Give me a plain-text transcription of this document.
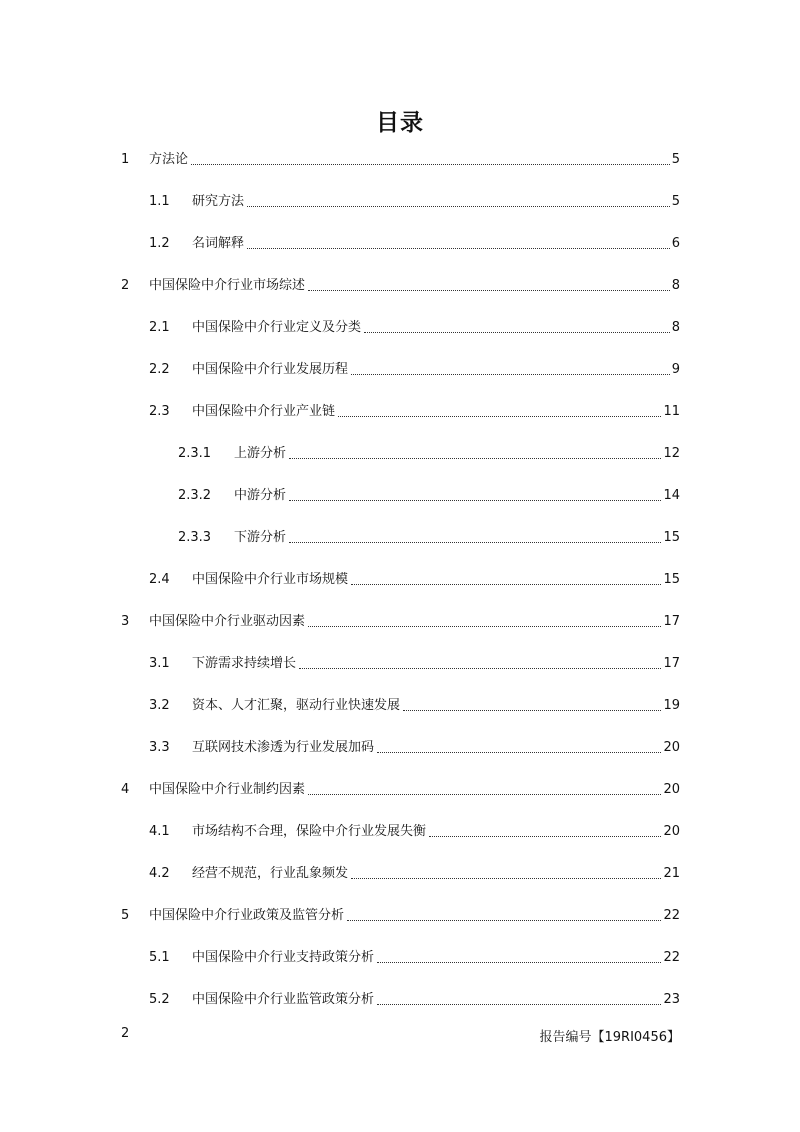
目录
1	方法论	5
1.1	研究方法	5
1.2	名词解释	6
2	中国保险中介行业市场综述	8
2.1	中国保险中介行业定义及分类	8
2.2	中国保险中介行业发展历程	9
2.3	中国保险中介行业产业链	11
2.3.1	上游分析	12
2.3.2	中游分析	14
2.3.3	下游分析	15
2.4	中国保险中介行业市场规模	15
3	中国保险中介行业驱动因素	17
3.1	下游需求持续增长	17
3.2	资本、人才汇聚，驱动行业快速发展	19
3.3	互联网技术渗透为行业发展加码	20
4	中国保险中介行业制约因素	20
4.1	市场结构不合理，保险中介行业发展失衡	20
4.2	经营不规范，行业乱象频发	21
5	中国保险中介行业政策及监管分析	22
5.1	中国保险中介行业支持政策分析	22
5.2	中国保险中介行业监管政策分析	23
2	报告编号【19RI0456】
